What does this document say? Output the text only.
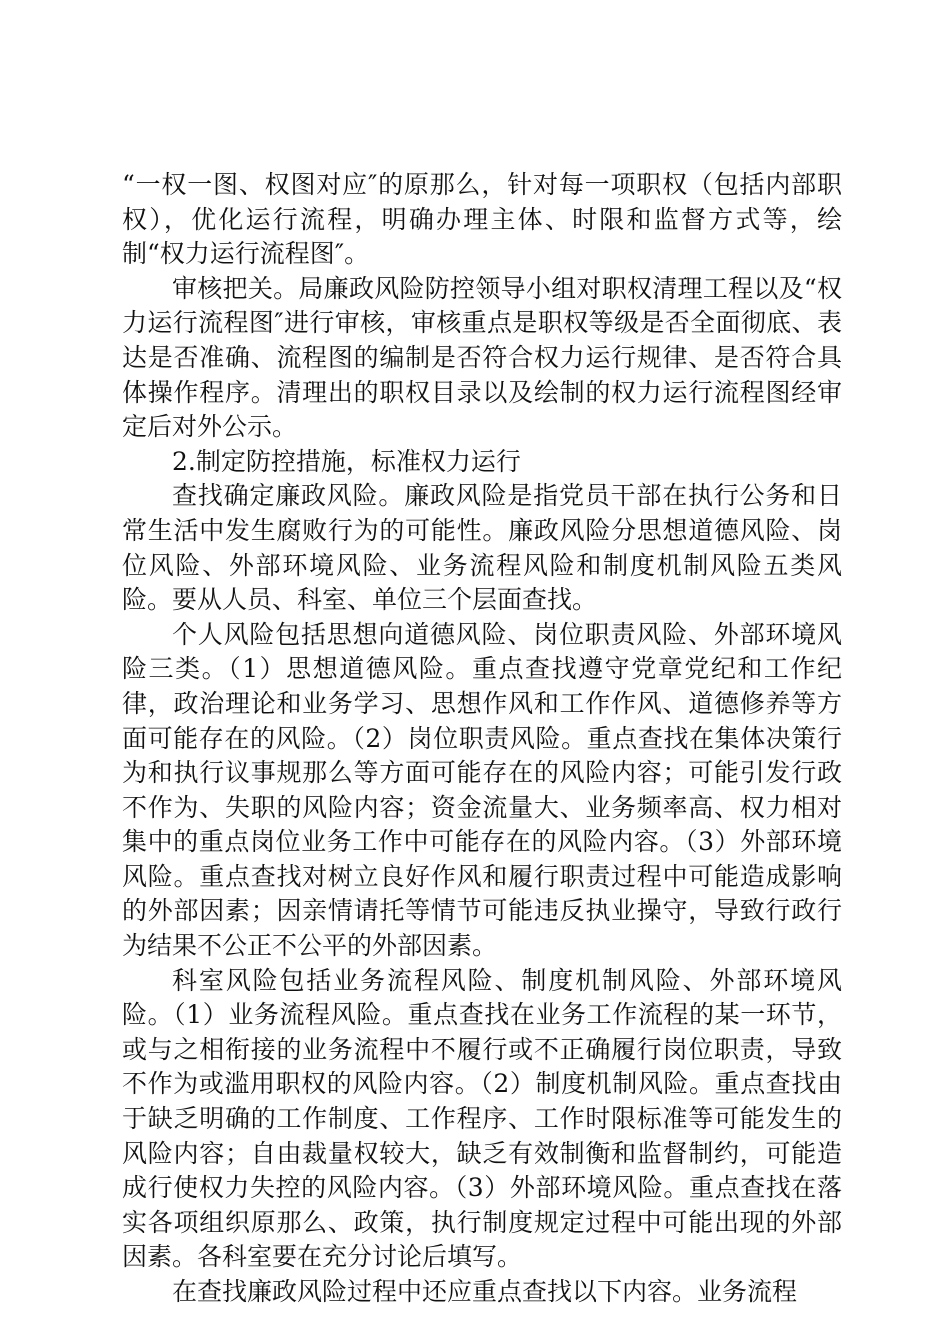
“一权一图、权图对应″的原那么，针对每一项职权（包括内部职权），优化运行流程，明确办理主体、时限和监督方式等，绘制“权力运行流程图″。

审核把关。局廉政风险防控领导小组对职权清理工程以及“权力运行流程图″进行审核，审核重点是职权等级是否全面彻底、表达是否准确、流程图的编制是否符合权力运行规律、是否符合具体操作程序。清理出的职权目录以及绘制的权力运行流程图经审定后对外公示。

2.制定防控措施，标准权力运行

查找确定廉政风险。廉政风险是指党员干部在执行公务和日常生活中发生腐败行为的可能性。廉政风险分思想道德风险、岗位风险、外部环境风险、业务流程风险和制度机制风险五类风险。要从人员、科室、单位三个层面查找。

个人风险包括思想向道德风险、岗位职责风险、外部环境风险三类。（1）思想道德风险。重点查找遵守党章党纪和工作纪律，政治理论和业务学习、思想作风和工作作风、道德修养等方面可能存在的风险。（2）岗位职责风险。重点查找在集体决策行为和执行议事规那么等方面可能存在的风险内容；可能引发行政不作为、失职的风险内容；资金流量大、业务频率高、权力相对集中的重点岗位业务工作中可能存在的风险内容。（3）外部环境风险。重点查找对树立良好作风和履行职责过程中可能造成影响的外部因素；因亲情请托等情节可能违反执业操守，导致行政行为结果不公正不公平的外部因素。

科室风险包括业务流程风险、制度机制风险、外部环境风险。（1）业务流程风险。重点查找在业务工作流程的某一环节，或与之相衔接的业务流程中不履行或不正确履行岗位职责，导致不作为或滥用职权的风险内容。（2）制度机制风险。重点查找由于缺乏明确的工作制度、工作程序、工作时限标准等可能发生的风险内容；自由裁量权较大，缺乏有效制衡和监督制约，可能造成行使权力失控的风险内容。（3）外部环境风险。重点查找在落实各项组织原那么、政策，执行制度规定过程中可能出现的外部因素。各科室要在充分讨论后填写。

在查找廉政风险过程中还应重点查找以下内容。业务流程
